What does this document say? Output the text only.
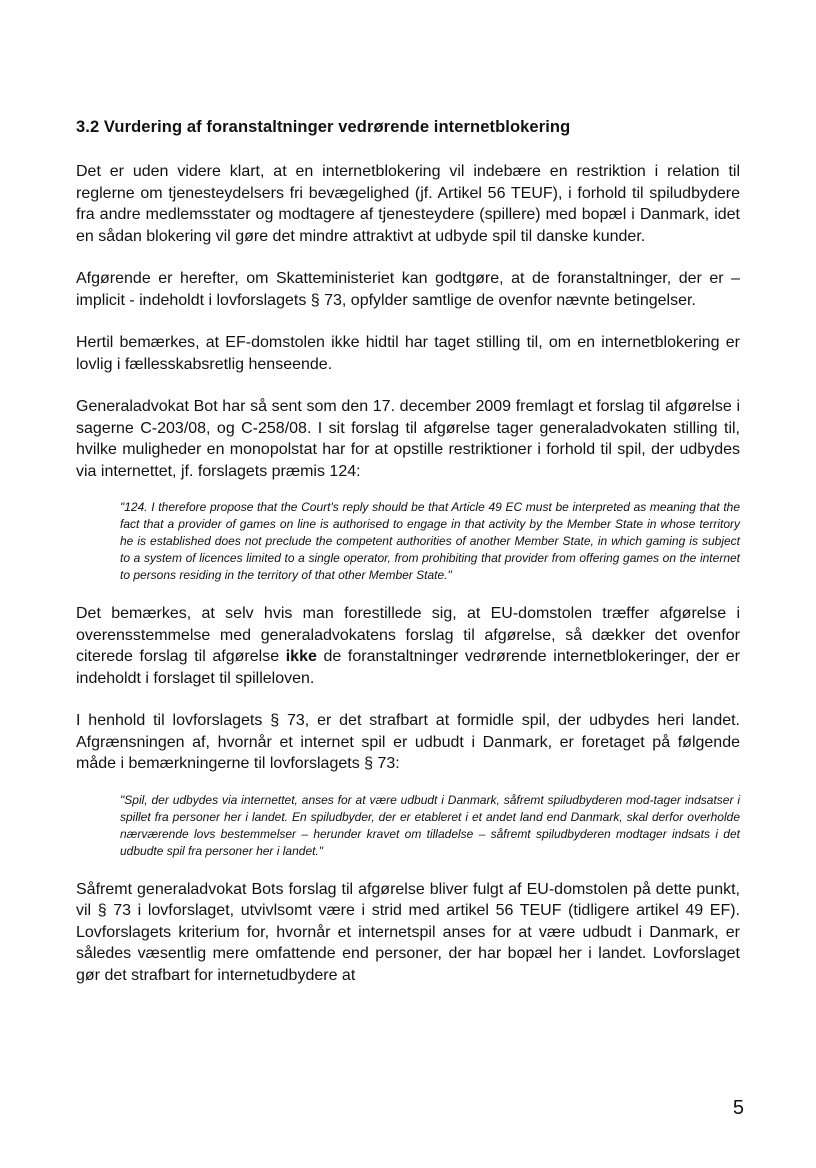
3.2 Vurdering af foranstaltninger vedrørende internetblokering

Det er uden videre klart, at en internetblokering vil indebære en restriktion i relation til reglerne om tjenesteydelsers fri bevægelighed (jf. Artikel 56 TEUF), i forhold til spiludbydere fra andre medlemsstater og modtagere af tjenesteydere (spillere) med bopæl i Danmark, idet en sådan blokering vil gøre det mindre attraktivt at udbyde spil til danske kunder.

Afgørende er herefter, om Skatteministeriet kan godtgøre, at de foranstaltninger, der er – implicit - indeholdt i lovforslagets § 73, opfylder samtlige de ovenfor nævnte betingelser.

Hertil bemærkes, at EF-domstolen ikke hidtil har taget stilling til, om en internetblokering er lovlig i fællesskabsretlig henseende.

Generaladvokat Bot har så sent som den 17. december 2009 fremlagt et forslag til afgørelse i sagerne C-203/08, og C-258/08. I sit forslag til afgørelse tager generaladvokaten stilling til, hvilke muligheder en monopolstat har for at opstille restriktioner i forhold til spil, der udbydes via internettet, jf. forslagets præmis 124:

"124. I therefore propose that the Court's reply should be that Article 49 EC must be interpreted as meaning that the fact that a provider of games on line is authorised to engage in that activity by the Member State in whose territory he is established does not preclude the competent authorities of another Member State, in which gaming is subject to a system of licences limited to a single operator, from prohibiting that provider from offering games on the internet to persons residing in the territory of that other Member State."

Det bemærkes, at selv hvis man forestillede sig, at EU-domstolen træffer afgørelse i overensstemmelse med generaladvokatens forslag til afgørelse, så dækker det ovenfor citerede forslag til afgørelse ikke de foranstaltninger vedrørende internetblokeringer, der er indeholdt i forslaget til spilleloven.

I henhold til lovforslagets § 73, er det strafbart at formidle spil, der udbydes heri landet. Afgrænsningen af, hvornår et internet spil er udbudt i Danmark, er foretaget på følgende måde i bemærkningerne til lovforslagets § 73:

"Spil, der udbydes via internettet, anses for at være udbudt i Danmark, såfremt spiludbyderen mod-tager indsatser i spillet fra personer her i landet. En spiludbyder, der er etableret i et andet land end Danmark, skal derfor overholde nærværende lovs bestemmelser – herunder kravet om tilladelse – såfremt spiludbyderen modtager indsats i det udbudte spil fra personer her i landet."

Såfremt generaladvokat Bots forslag til afgørelse bliver fulgt af EU-domstolen på dette punkt, vil § 73 i lovforslaget, utvivlsomt være i strid med artikel 56 TEUF (tidligere artikel 49 EF). Lovforslagets kriterium for, hvornår et internetspil anses for at være udbudt i Danmark, er således væsentlig mere omfattende end personer, der har bopæl her i landet. Lovforslaget gør det strafbart for internetudbydere at

5
